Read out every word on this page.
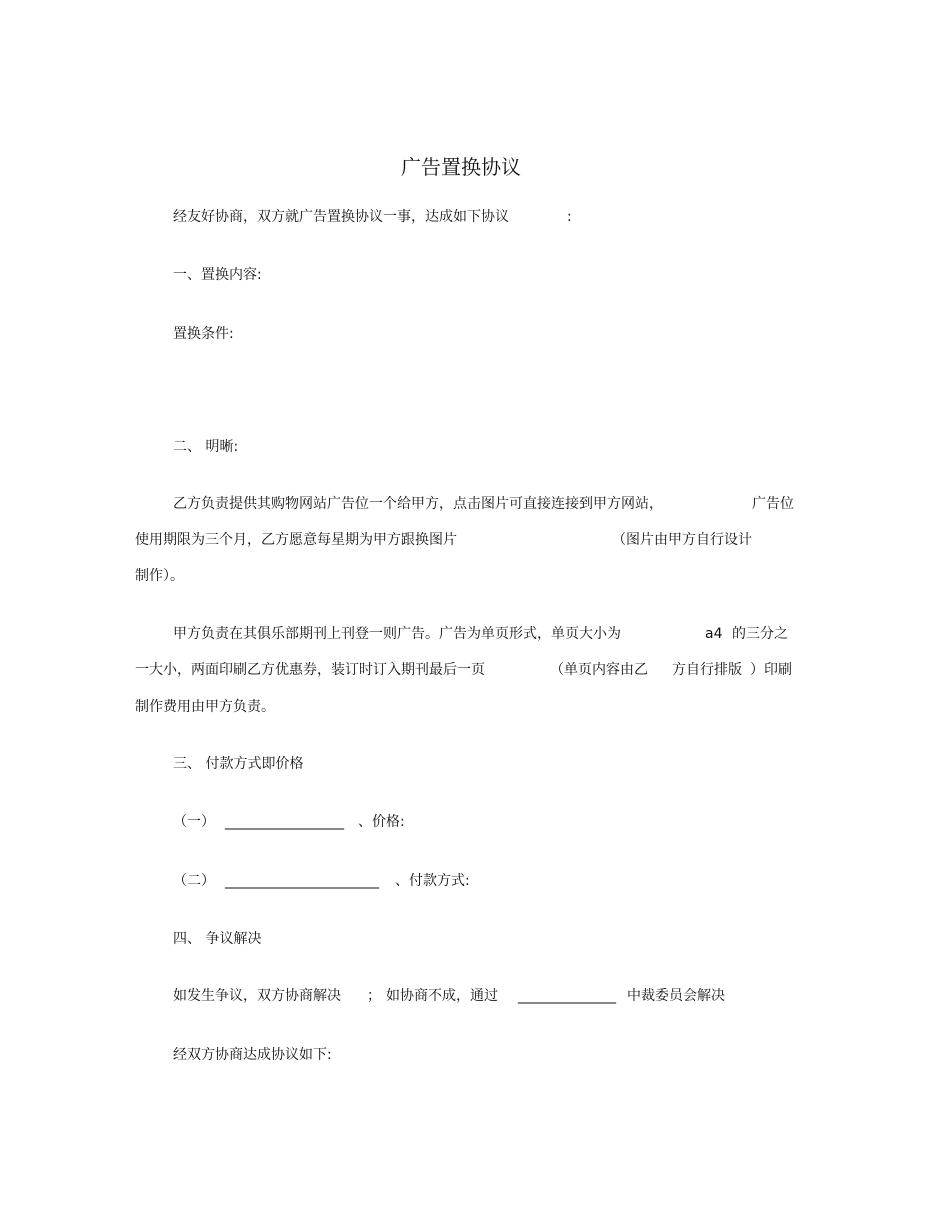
广告置换协议
经友好协商，双方就广告置换协议一事，达成如下协议	:
一、置换内容:
置换条件:
二、 明晰:
乙方负责提供其购物网站广告位一个给甲方，点击图片可直接连接到甲方网站，	广告位
使用期限为三个月，乙方愿意每星期为甲方跟换图片	（图片由甲方自行设计
制作）。
甲方负责在其俱乐部期刊上刊登一则广告。广告为单页形式，单页大小为	a4 的三分之
一大小，两面印刷乙方优惠券，装订时订入期刊最后一页	（单页内容由乙 方自行排版 ）印刷
制作费用由甲方负责。
三、 付款方式即价格
（一） _________________ 、价格:
（二） ______________________ 、付款方式:
四、 争议解决
如发生争议，双方协商解决 ； 如协商不成，通过 ______________ 中裁委员会解决
经双方协商达成协议如下:
